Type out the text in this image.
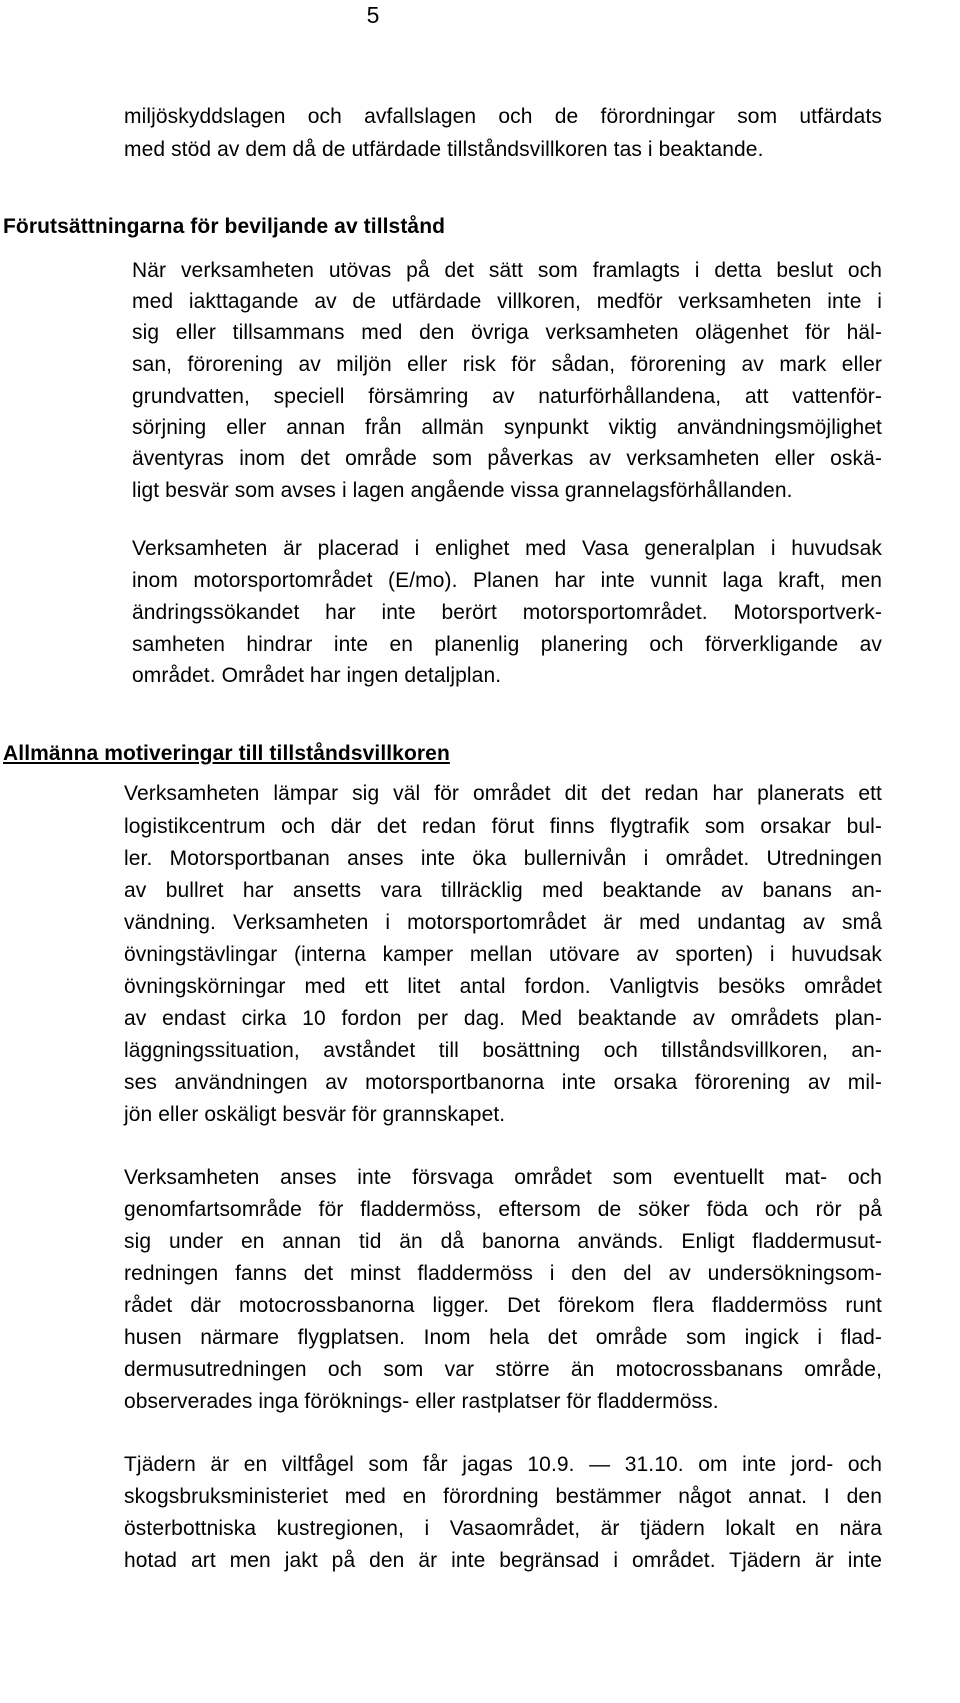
5
miljöskyddslagen och avfallslagen och de förordningar som utfärdats
med stöd av dem då de utfärdade tillståndsvillkoren tas i beaktande.
Förutsättningarna för beviljande av tillstånd
När verksamheten utövas på det sätt som framlagts i detta beslut och
med iakttagande av de utfärdade villkoren, medför verksamheten inte i
sig eller tillsammans med den övriga verksamheten olägenhet för häl-
san, förorening av miljön eller risk för sådan, förorening av mark eller
grundvatten, speciell försämring av naturförhållandena, att vattenför-
sörjning eller annan från allmän synpunkt viktig användningsmöjlighet
äventyras inom det område som påverkas av verksamheten eller oskä-
ligt besvär som avses i lagen angående vissa grannelagsförhållanden.
Verksamheten är placerad i enlighet med Vasa generalplan i huvudsak
inom motorsportområdet (E/mo). Planen har inte vunnit laga kraft, men
ändringssökandet har inte berört motorsportområdet. Motorsportverk-
samheten hindrar inte en planenlig planering och förverkligande av
området. Området har ingen detaljplan.
Allmänna motiveringar till tillståndsvillkoren
Verksamheten lämpar sig väl för området dit det redan har planerats ett
logistikcentrum och där det redan förut finns flygtrafik som orsakar bul-
ler. Motorsportbanan anses inte öka bullernivån i området. Utredningen
av bullret har ansetts vara tillräcklig med beaktande av banans an-
vändning. Verksamheten i motorsportområdet är med undantag av små
övningstävlingar (interna kamper mellan utövare av sporten) i huvudsak
övningskörningar med ett litet antal fordon. Vanligtvis besöks området
av endast cirka 10 fordon per dag. Med beaktande av områdets plan-
läggningssituation, avståndet till bosättning och tillståndsvillkoren, an-
ses användningen av motorsportbanorna inte orsaka förorening av mil-
jön eller oskäligt besvär för grannskapet.
Verksamheten anses inte försvaga området som eventuellt mat- och
genomfartsområde för fladdermöss, eftersom de söker föda och rör på
sig under en annan tid än då banorna används. Enligt fladdermusut-
redningen fanns det minst fladdermöss i den del av undersökningsom-
rådet där motocrossbanorna ligger. Det förekom flera fladdermöss runt
husen närmare flygplatsen. Inom hela det område som ingick i flad-
dermusutredningen och som var större än motocrossbanans område,
observerades inga föröknings- eller rastplatser för fladdermöss.
Tjädern är en viltfågel som får jagas 10.9. — 31.10. om inte jord- och
skogsbruksministeriet med en förordning bestämmer något annat. I den
österbottniska kustregionen, i Vasaområdet, är tjädern lokalt en nära
hotad art men jakt på den är inte begränsad i området. Tjädern är inte
